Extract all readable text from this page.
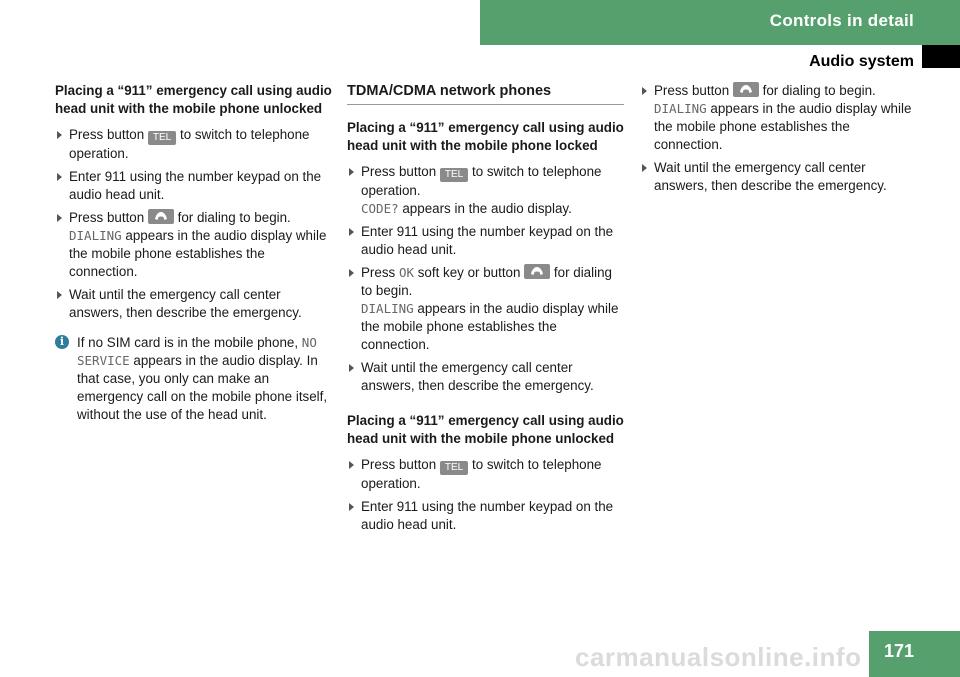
Controls in detail
Audio system

Placing a “911” emergency call using audio head unit with the mobile phone unlocked

Press button TEL to switch to telephone operation.
Enter 911 using the number keypad on the audio head unit.
Press button
for dialing to begin.
DIALING appears in the audio display while the mobile phone establishes the connection.
Wait until the emergency call center answers, then describe the emergency.
i If no SIM card is in the mobile phone, NO SERVICE appears in the audio display. In that case, you only can make an emergency call on the mobile phone itself, without the use of the head unit.

TDMA/CDMA network phones

Placing a “911” emergency call using audio head unit with the mobile phone locked

Press button TEL to switch to telephone operation.
CODE? appears in the audio display.
Enter 911 using the number keypad on the audio head unit.
Press OK soft key or button
for dialing to begin.
DIALING appears in the audio display while the mobile phone establishes the connection.
Wait until the emergency call center answers, then describe the emergency.

Placing a “911” emergency call using audio head unit with the mobile phone unlocked

Press button TEL to switch to telephone operation.
Enter 911 using the number keypad on the audio head unit.
Press button
for dialing to begin.
DIALING appears in the audio display while the mobile phone establishes the connection.
Wait until the emergency call center answers, then describe the emergency.
carmanualsonline.info 171
